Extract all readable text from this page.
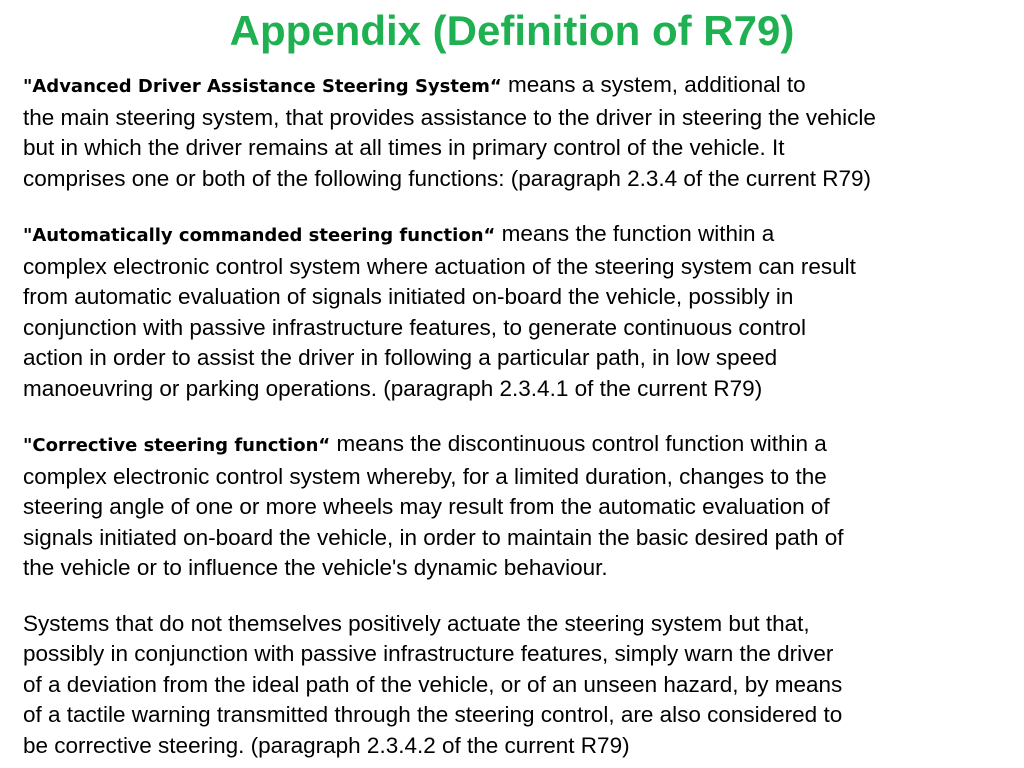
Appendix (Definition of R79)

"Advanced Driver Assistance Steering System“ means a system, additional to
the main steering system, that provides assistance to the driver in steering the vehicle
but in which the driver remains at all times in primary control of the vehicle. It
comprises one or both of the following functions: (paragraph 2.3.4 of the current R79)

"Automatically commanded steering function“ means the function within a
complex electronic control system where actuation of the steering system can result
from automatic evaluation of signals initiated on-board the vehicle, possibly in
conjunction with passive infrastructure features, to generate continuous control
action in order to assist the driver in following a particular path, in low speed
manoeuvring or parking operations. (paragraph 2.3.4.1 of the current R79)

"Corrective steering function“ means the discontinuous control function within a
complex electronic control system whereby, for a limited duration, changes to the
steering angle of one or more wheels may result from the automatic evaluation of
signals initiated on-board the vehicle, in order to maintain the basic desired path of
the vehicle or to influence the vehicle's dynamic behaviour.

Systems that do not themselves positively actuate the steering system but that,
possibly in conjunction with passive infrastructure features, simply warn the driver
of a deviation from the ideal path of the vehicle, or of an unseen hazard, by means
of a tactile warning transmitted through the steering control, are also considered to
be corrective steering. (paragraph 2.3.4.2 of the current R79)
